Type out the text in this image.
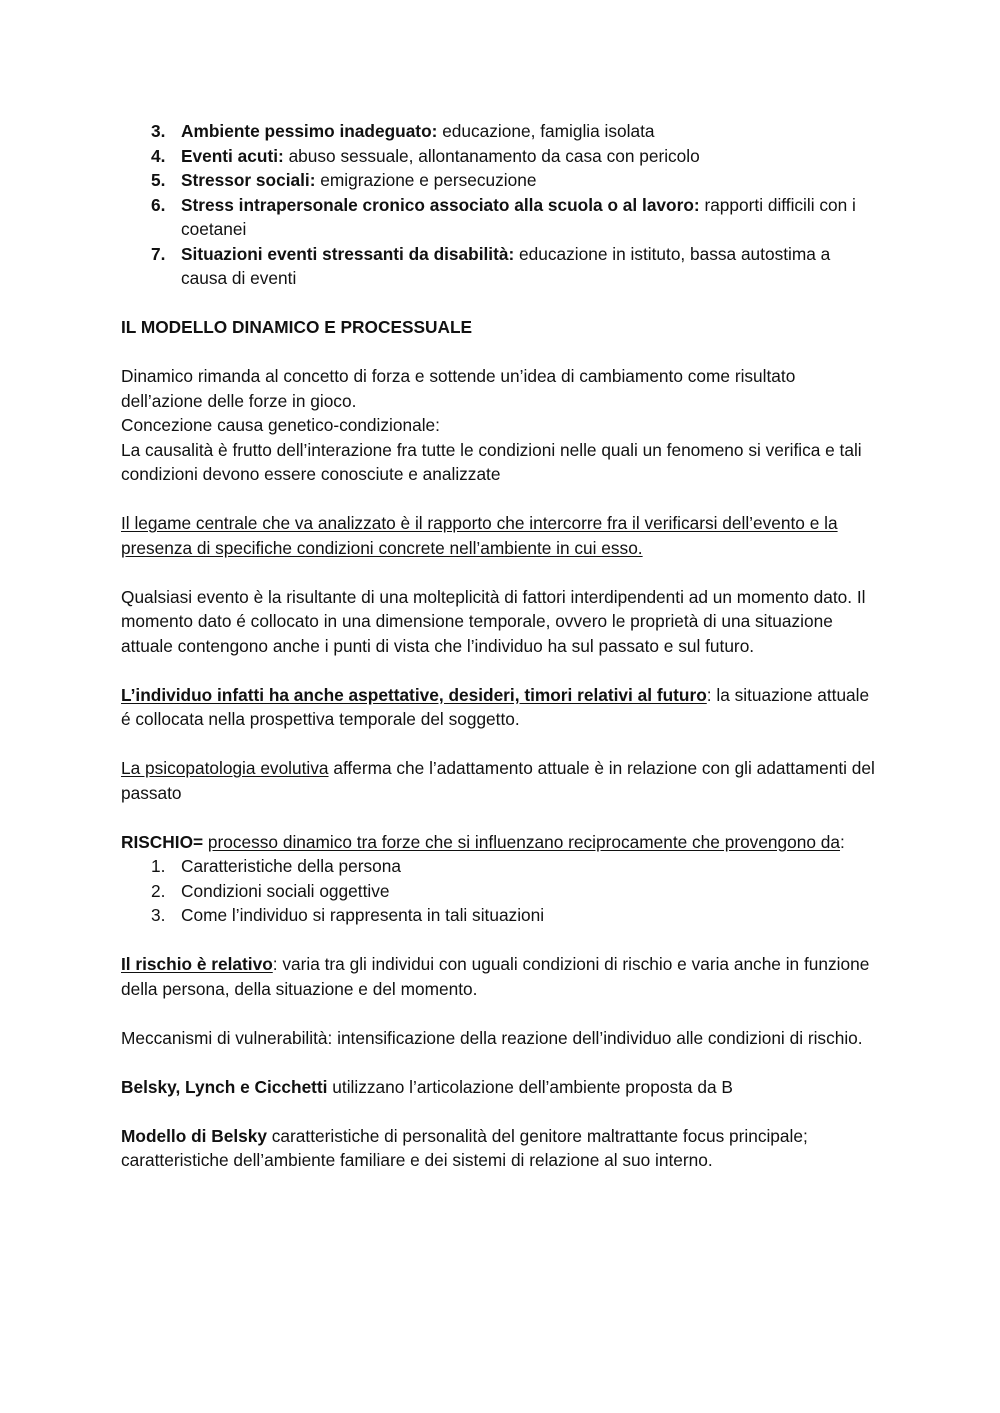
3. Ambiente pessimo inadeguato: educazione, famiglia isolata
4. Eventi acuti: abuso sessuale, allontanamento da casa con pericolo
5. Stressor sociali: emigrazione e persecuzione
6. Stress intrapersonale cronico associato alla scuola o al lavoro: rapporti difficili con i coetanei
7. Situazioni eventi stressanti da disabilità: educazione in istituto, bassa autostima a causa di eventi

IL MODELLO DINAMICO E PROCESSUALE

Dinamico rimanda al concetto di forza e sottende un’idea di cambiamento come risultato dell’azione delle forze in gioco.
Concezione causa genetico-condizionale:
La causalità è frutto dell’interazione fra tutte le condizioni nelle quali un fenomeno si verifica e tali condizioni devono essere conosciute e analizzate

Il legame centrale che va analizzato è il rapporto che intercorre fra il verificarsi dell’evento e la presenza di specifiche condizioni concrete nell’ambiente in cui esso.

Qualsiasi evento è la risultante di una molteplicità di fattori interdipendenti ad un momento dato. Il momento dato é collocato in una dimensione temporale, ovvero le proprietà di una situazione attuale contengono anche i punti di vista che l’individuo ha sul passato e sul futuro.

L’individuo infatti ha anche aspettative, desideri, timori relativi al futuro: la situazione attuale é collocata nella prospettiva temporale del soggetto.

La psicopatologia evolutiva afferma che l’adattamento attuale è in relazione con gli adattamenti del passato

RISCHIO= processo dinamico tra forze che si influenzano reciprocamente che provengono da:

1. Caratteristiche della persona
2. Condizioni sociali oggettive
3. Come l’individuo si rappresenta in tali situazioni

Il rischio è relativo: varia tra gli individui con uguali condizioni di rischio e varia anche in funzione della persona, della situazione e del momento.

Meccanismi di vulnerabilità: intensificazione della reazione dell’individuo alle condizioni di rischio.

Belsky, Lynch e Cicchetti utilizzano l’articolazione dell’ambiente proposta da B

Modello di Belsky caratteristiche di personalità del genitore maltrattante focus principale; caratteristiche dell’ambiente familiare e dei sistemi di relazione al suo interno.
